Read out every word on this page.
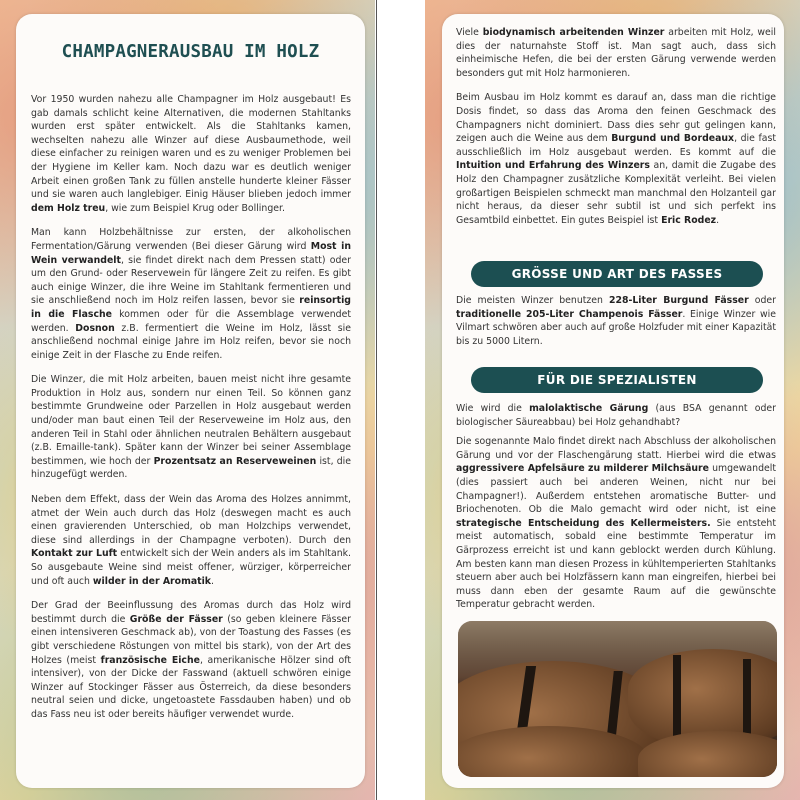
CHAMPAGNERAUSBAU IM HOLZ

Vor 1950 wurden nahezu alle Champagner im Holz ausgebaut! Es gab damals schlicht keine Alternativen, die modernen Stahltanks wurden erst später entwickelt. Als die Stahltanks kamen, wechselten nahezu alle Winzer auf diese Ausbaumethode, weil diese einfacher zu reinigen waren und es zu weniger Problemen bei der Hygiene im Keller kam. Noch dazu war es deutlich weniger Arbeit einen großen Tank zu füllen anstelle hunderte kleiner Fässer und sie waren auch langlebiger. Einig Häuser blieben jedoch immer dem Holz treu, wie zum Beispiel Krug oder Bollinger.

Man kann Holzbehältnisse zur ersten, der alkoholischen Fermentation/Gärung verwenden (Bei dieser Gärung wird Most in Wein verwandelt, sie findet direkt nach dem Pressen statt) oder um den Grund- oder Reservewein für längere Zeit zu reifen. Es gibt auch einige Winzer, die ihre Weine im Stahltank fermentieren und sie anschließend noch im Holz reifen lassen, bevor sie reinsortig in die Flasche kommen oder für die Assemblage verwendet werden. Dosnon z.B. fermentiert die Weine im Holz, lässt sie anschließend nochmal einige Jahre im Holz reifen, bevor sie noch einige Zeit in der Flasche zu Ende reifen.

Die Winzer, die mit Holz arbeiten, bauen meist nicht ihre gesamte Produktion in Holz aus, sondern nur einen Teil. So können ganz bestimmte Grundweine oder Parzellen in Holz ausgebaut werden und/oder man baut einen Teil der Reserveweine im Holz aus, den anderen Teil in Stahl oder ähnlichen neutralen Behältern ausgebaut (z.B. Emaille-tank). Später kann der Winzer bei seiner Assemblage bestimmen, wie hoch der Prozentsatz an Reserveweinen ist, die hinzugefügt werden.

Neben dem Effekt, dass der Wein das Aroma des Holzes annimmt, atmet der Wein auch durch das Holz (deswegen macht es auch einen gravierenden Unterschied, ob man Holzchips verwendet, diese sind allerdings in der Champagne verboten). Durch den Kontakt zur Luft entwickelt sich der Wein anders als im Stahltank. So ausgebaute Weine sind meist offener, würziger, körperreicher und oft auch wilder in der Aromatik.

Der Grad der Beeinflussung des Aromas durch das Holz wird bestimmt durch die Größe der Fässer (so geben kleinere Fässer einen intensiveren Geschmack ab), von der Toastung des Fasses (es gibt verschiedene Röstungen von mittel bis stark), von der Art des Holzes (meist französische Eiche, amerikanische Hölzer sind oft intensiver), von der Dicke der Fasswand (aktuell schwören einige Winzer auf Stockinger Fässer aus Österreich, da diese besonders neutral seien und dicke, ungetoastete Fassdauben haben) und ob das Fass neu ist oder bereits häufiger verwendet wurde.

Viele biodynamisch arbeitenden Winzer arbeiten mit Holz, weil dies der naturnahste Stoff ist. Man sagt auch, dass sich einheimische Hefen, die bei der ersten Gärung verwende werden besonders gut mit Holz harmonieren.

Beim Ausbau im Holz kommt es darauf an, dass man die richtige Dosis findet, so dass das Aroma den feinen Geschmack des Champagners nicht dominiert. Dass dies sehr gut gelingen kann, zeigen auch die Weine aus dem Burgund und Bordeaux, die fast ausschließlich im Holz ausgebaut werden. Es kommt auf die Intuition und Erfahrung des Winzers an, damit die Zugabe des Holz den Champagner zusätzliche Komplexität verleiht. Bei vielen großartigen Beispielen schmeckt man manchmal den Holzanteil gar nicht heraus, da dieser sehr subtil ist und sich perfekt ins Gesamtbild einbettet. Ein gutes Beispiel ist Eric Rodez.

GRÖSSE UND ART DES FASSES

Die meisten Winzer benutzen 228-Liter Burgund Fässer oder traditionelle 205-Liter Champenois Fässer. Einige Winzer wie Vilmart schwören aber auch auf große Holzfuder mit einer Kapazität bis zu 5000 Litern.

FÜR DIE SPEZIALISTEN

Wie wird die malolaktische Gärung (aus BSA genannt oder biologischer Säureabbau) bei Holz gehandhabt?

Die sogenannte Malo findet direkt nach Abschluss der alkoholischen Gärung und vor der Flaschengärung statt. Hierbei wird die etwas aggressivere Apfelsäure zu milderer Milchsäure umgewandelt (dies passiert auch bei anderen Weinen, nicht nur bei Champagner!). Außerdem entstehen aromatische Butter- und Briochenoten. Ob die Malo gemacht wird oder nicht, ist eine strategische Entscheidung des Kellermeisters. Sie entsteht meist automatisch, sobald eine bestimmte Temperatur im Gärprozess erreicht ist und kann geblockt werden durch Kühlung. Am besten kann man diesen Prozess in kühltemperierten Stahltanks steuern aber auch bei Holzfässern kann man eingreifen, hierbei bei muss dann eben der gesamte Raum auf die gewünschte Temperatur gebracht werden.
